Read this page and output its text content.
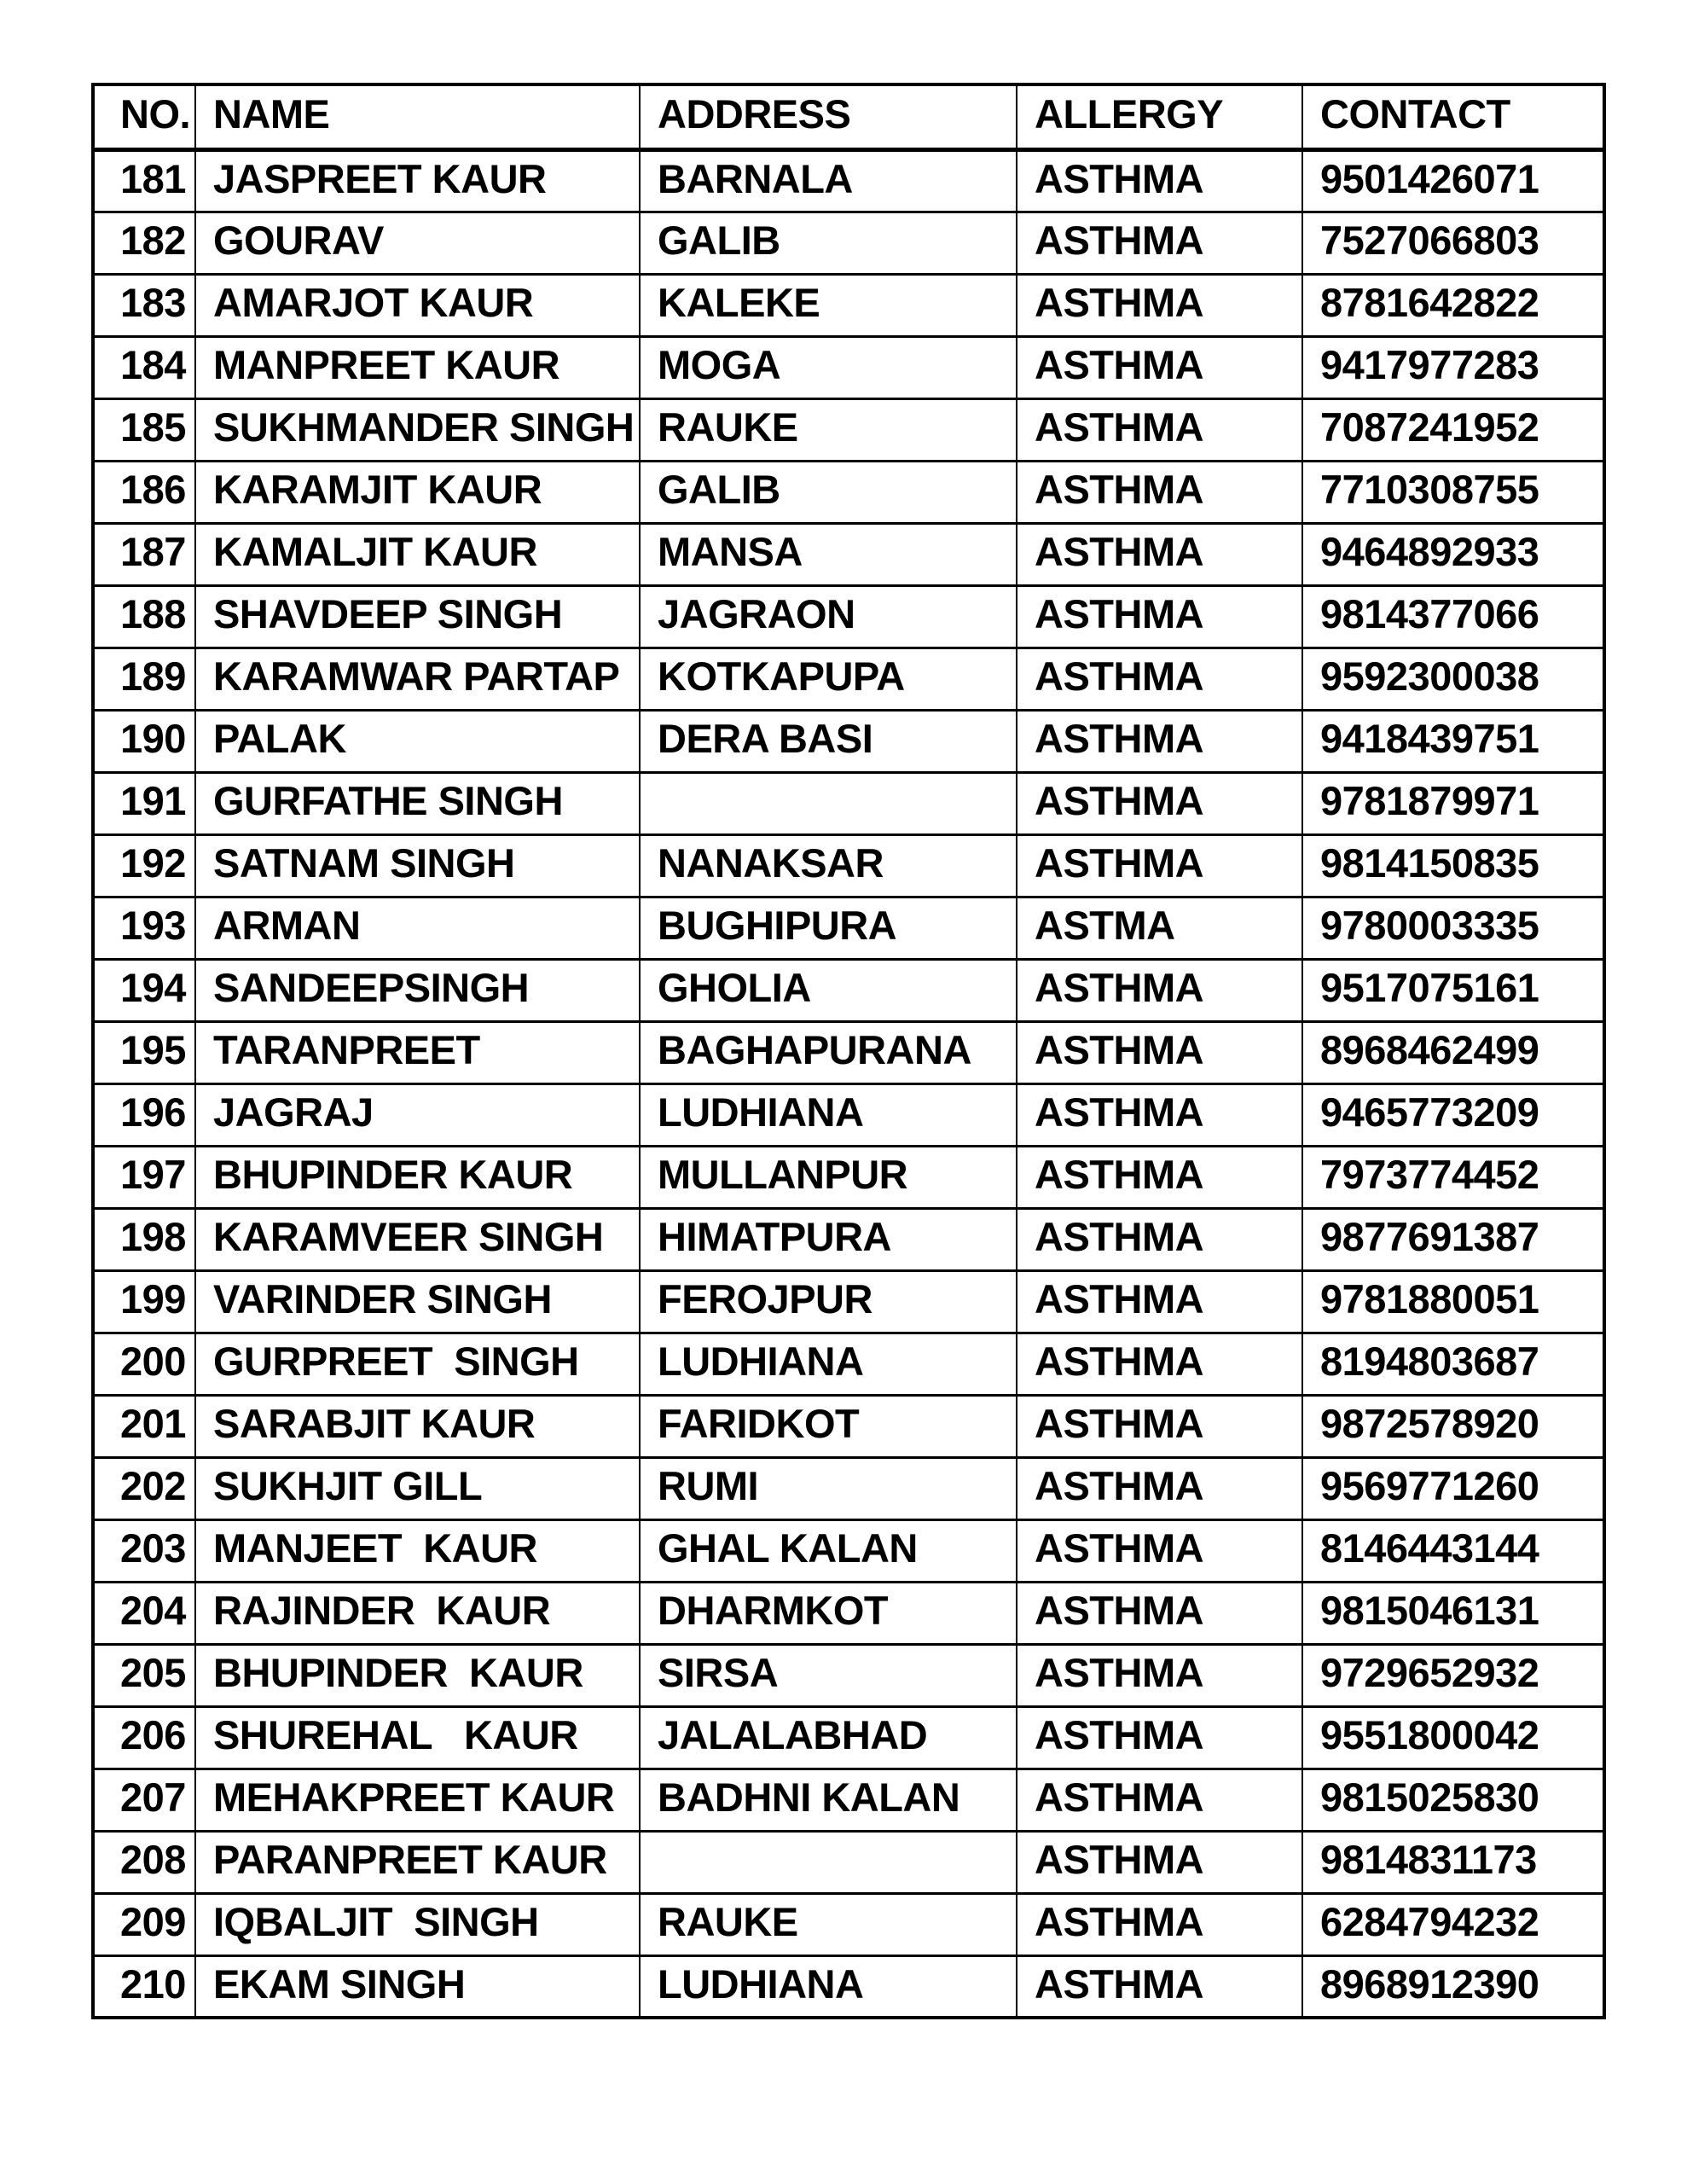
NO.	NAME	ADDRESS	ALLERGY	CONTACT
181	JASPREET KAUR	BARNALA	ASTHMA	9501426071
182	GOURAV	GALIB	ASTHMA	7527066803
183	AMARJOT KAUR	KALEKE	ASTHMA	8781642822
184	MANPREET KAUR	MOGA	ASTHMA	9417977283
185	SUKHMANDER SINGH	RAUKE	ASTHMA	7087241952
186	KARAMJIT KAUR	GALIB	ASTHMA	7710308755
187	KAMALJIT KAUR	MANSA	ASTHMA	9464892933
188	SHAVDEEP SINGH	JAGRAON	ASTHMA	9814377066
189	KARAMWAR PARTAP	KOTKAPUPA	ASTHMA	9592300038
190	PALAK	DERA BASI	ASTHMA	9418439751
191	GURFATHE SINGH		ASTHMA	9781879971
192	SATNAM SINGH	NANAKSAR	ASTHMA	9814150835
193	ARMAN	BUGHIPURA	ASTMA	9780003335
194	SANDEEPSINGH	GHOLIA	ASTHMA	9517075161
195	TARANPREET	BAGHAPURANA	ASTHMA	8968462499
196	JAGRAJ	LUDHIANA	ASTHMA	9465773209
197	BHUPINDER KAUR	MULLANPUR	ASTHMA	7973774452
198	KARAMVEER SINGH	HIMATPURA	ASTHMA	9877691387
199	VARINDER SINGH	FEROJPUR	ASTHMA	9781880051
200	GURPREET  SINGH	LUDHIANA	ASTHMA	8194803687
201	SARABJIT KAUR	FARIDKOT	ASTHMA	9872578920
202	SUKHJIT GILL	RUMI	ASTHMA	9569771260
203	MANJEET  KAUR	GHAL KALAN	ASTHMA	8146443144
204	RAJINDER  KAUR	DHARMKOT	ASTHMA	9815046131
205	BHUPINDER  KAUR	SIRSA	ASTHMA	9729652932
206	SHUREHAL   KAUR	JALALABHAD	ASTHMA	9551800042
207	MEHAKPREET KAUR	BADHNI KALAN	ASTHMA	9815025830
208	PARANPREET KAUR		ASTHMA	9814831173
209	IQBALJIT  SINGH	RAUKE	ASTHMA	6284794232
210	EKAM SINGH	LUDHIANA	ASTHMA	8968912390
